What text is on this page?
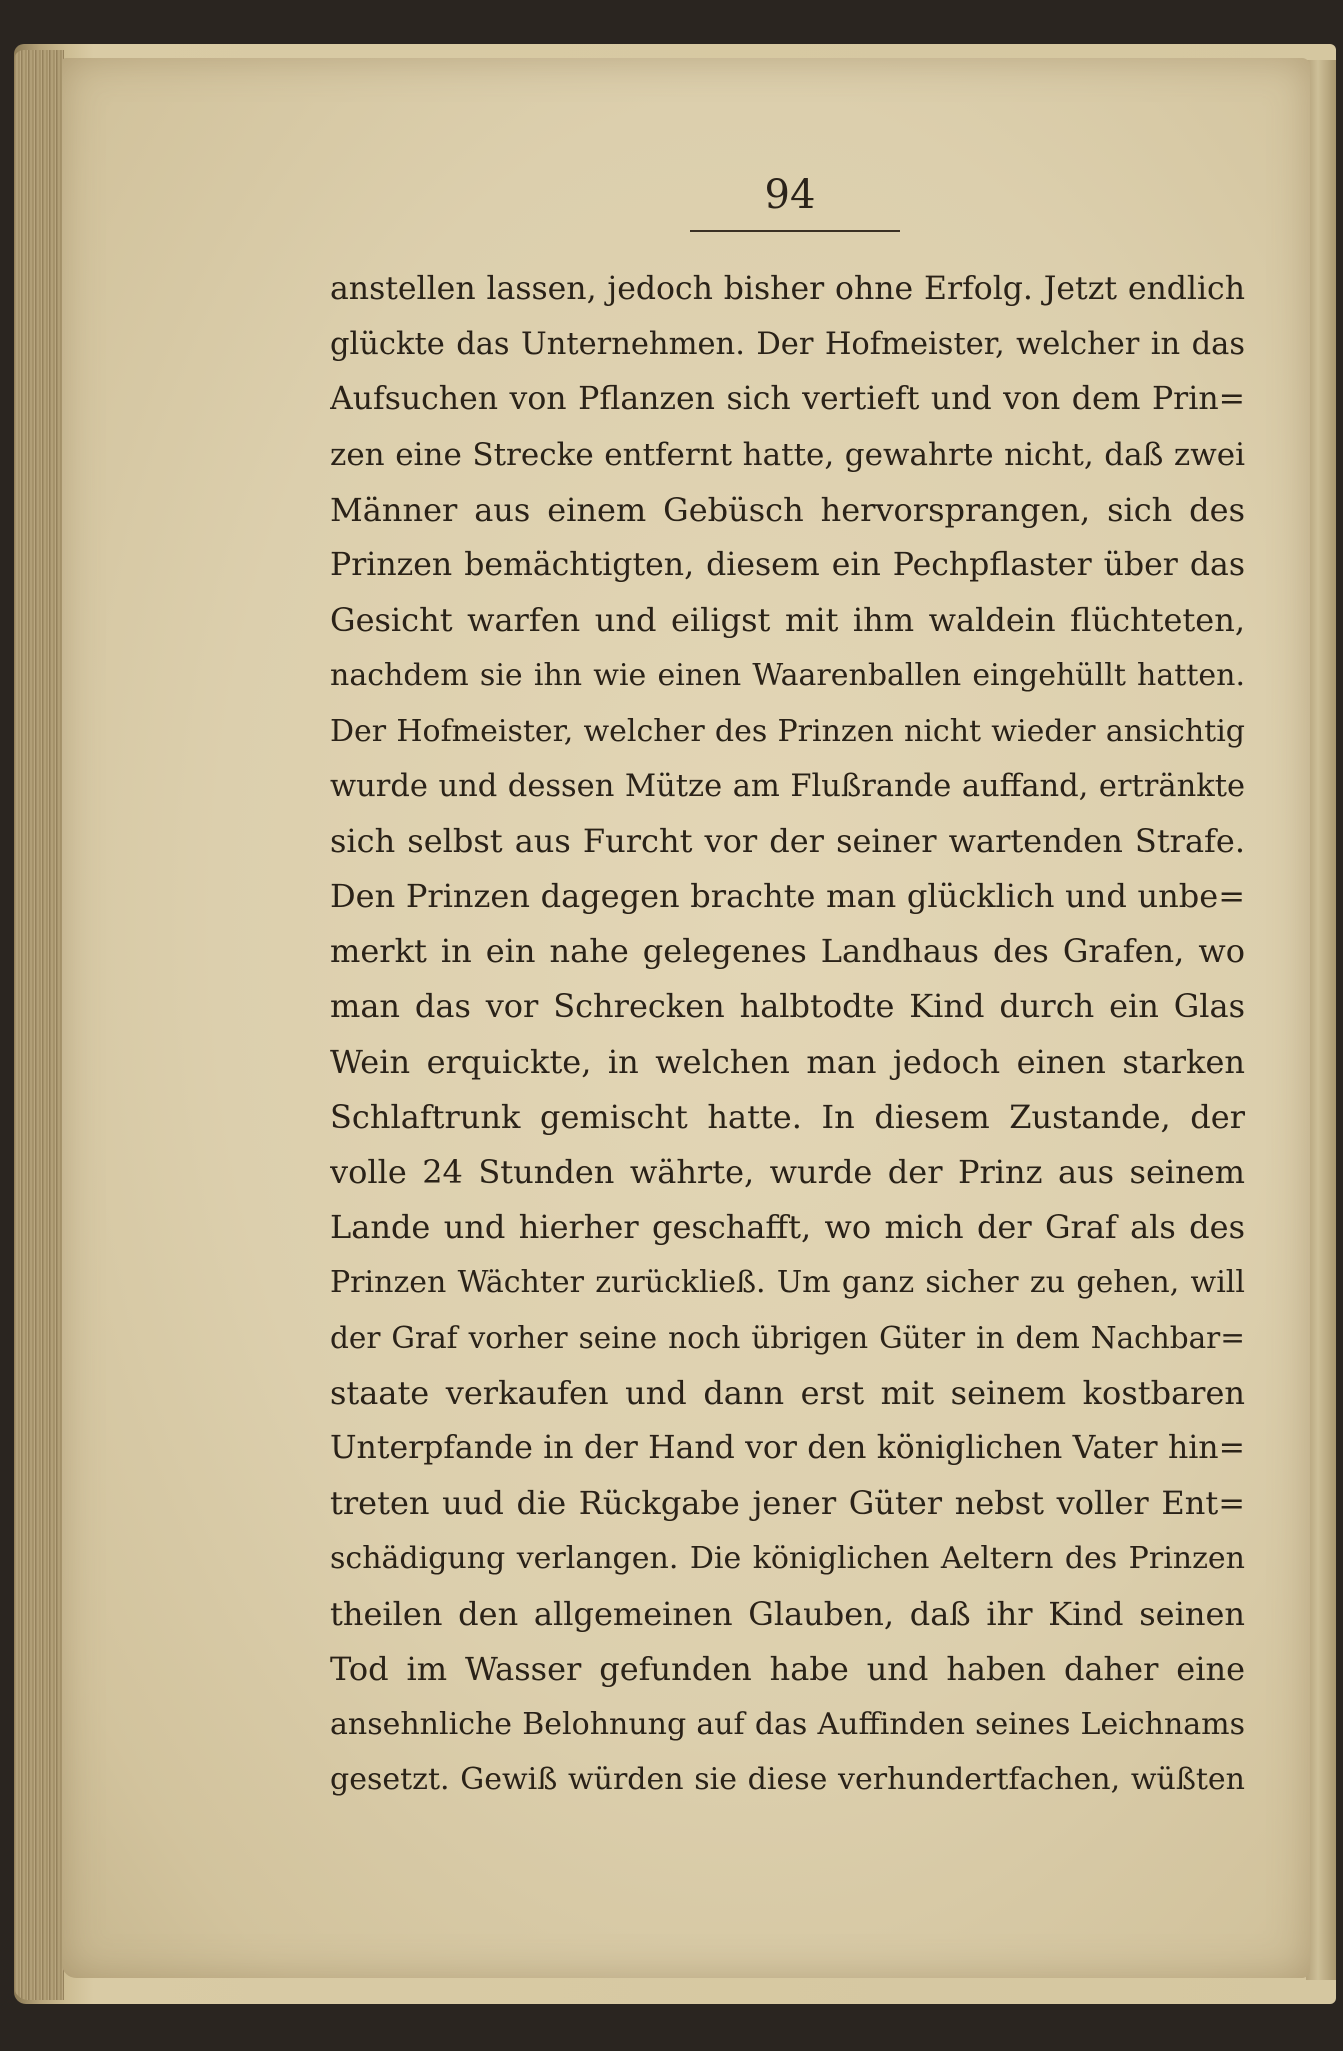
94
anstellen lassen, jedoch bisher ohne Erfolg. Jetzt endlich
glückte das Unternehmen. Der Hofmeister, welcher in das
Aufsuchen von Pflanzen sich vertieft und von dem Prin=
zen eine Strecke entfernt hatte, gewahrte nicht, daß zwei
Männer aus einem Gebüsch hervorsprangen, sich des
Prinzen bemächtigten, diesem ein Pechpflaster über das
Gesicht warfen und eiligst mit ihm waldein flüchteten,
nachdem sie ihn wie einen Waarenballen eingehüllt hatten.
Der Hofmeister, welcher des Prinzen nicht wieder ansichtig
wurde und dessen Mütze am Flußrande auffand, ertränkte
sich selbst aus Furcht vor der seiner wartenden Strafe.
Den Prinzen dagegen brachte man glücklich und unbe=
merkt in ein nahe gelegenes Landhaus des Grafen, wo
man das vor Schrecken halbtodte Kind durch ein Glas
Wein erquickte, in welchen man jedoch einen starken
Schlaftrunk gemischt hatte. In diesem Zustande, der
volle 24 Stunden währte, wurde der Prinz aus seinem
Lande und hierher geschafft, wo mich der Graf als des
Prinzen Wächter zurückließ. Um ganz sicher zu gehen, will
der Graf vorher seine noch übrigen Güter in dem Nachbar=
staate verkaufen und dann erst mit seinem kostbaren
Unterpfande in der Hand vor den königlichen Vater hin=
treten uud die Rückgabe jener Güter nebst voller Ent=
schädigung verlangen. Die königlichen Aeltern des Prinzen
theilen den allgemeinen Glauben, daß ihr Kind seinen
Tod im Wasser gefunden habe und haben daher eine
ansehnliche Belohnung auf das Auffinden seines Leichnams
gesetzt. Gewiß würden sie diese verhundertfachen, wüßten
